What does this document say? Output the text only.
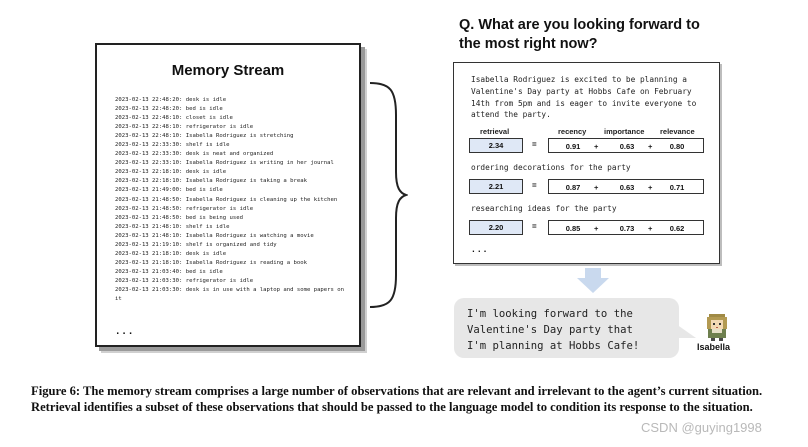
Memory Stream
2023-02-13 22:48:20: desk is idle
2023-02-13 22:48:20: bed is idle
2023-02-13 22:48:10: closet is idle
2023-02-13 22:48:10: refrigerator is idle
2023-02-13 22:48:10: Isabella Rodriguez is stretching
2023-02-13 22:33:30: shelf is idle
2023-02-13 22:33:30: desk is neat and organized
2023-02-13 22:33:10: Isabella Rodriguez is writing in her journal
2023-02-13 22:18:10: desk is idle
2023-02-13 22:18:10: Isabella Rodriguez is taking a break
2023-02-13 21:49:00: bed is idle
2023-02-13 21:48:50: Isabella Rodriguez is cleaning up the kitchen
2023-02-13 21:48:50: refrigerator is idle
2023-02-13 21:48:50: bed is being used
2023-02-13 21:48:10: shelf is idle
2023-02-13 21:48:10: Isabella Rodriguez is watching a movie
2023-02-13 21:19:10: shelf is organized and tidy
2023-02-13 21:18:10: desk is idle
2023-02-13 21:18:10: Isabella Rodriguez is reading a book
2023-02-13 21:03:40: bed is idle
2023-02-13 21:03:30: refrigerator is idle
2023-02-13 21:03:30: desk is in use with a laptop and some papers on it
...
Q. What are you looking forward to
the most right now?
Isabella Rodriguez is excited to be planning a Valentine's Day party at Hobbs Cafe on February 14th from 5pm and is eager to invite everyone to attend the party.
retrieval	recency importance relevance
2.34	=	0.91	+	0.63	+	0.80
ordering decorations for the party
2.21	=	0.87	+	0.63	+	0.71
researching ideas for the party
2.20	=	0.85	+	0.73	+	0.62
...
I'm looking forward to the
Valentine's Day party that
I'm planning at Hobbs Cafe!	Isabella
Figure 6: The memory stream comprises a large number of observations that are relevant and irrelevant to the agent’s current situation. Retrieval identifies a subset of these observations that should be passed to the language model to condition its response to the situation.
CSDN @guying1998
